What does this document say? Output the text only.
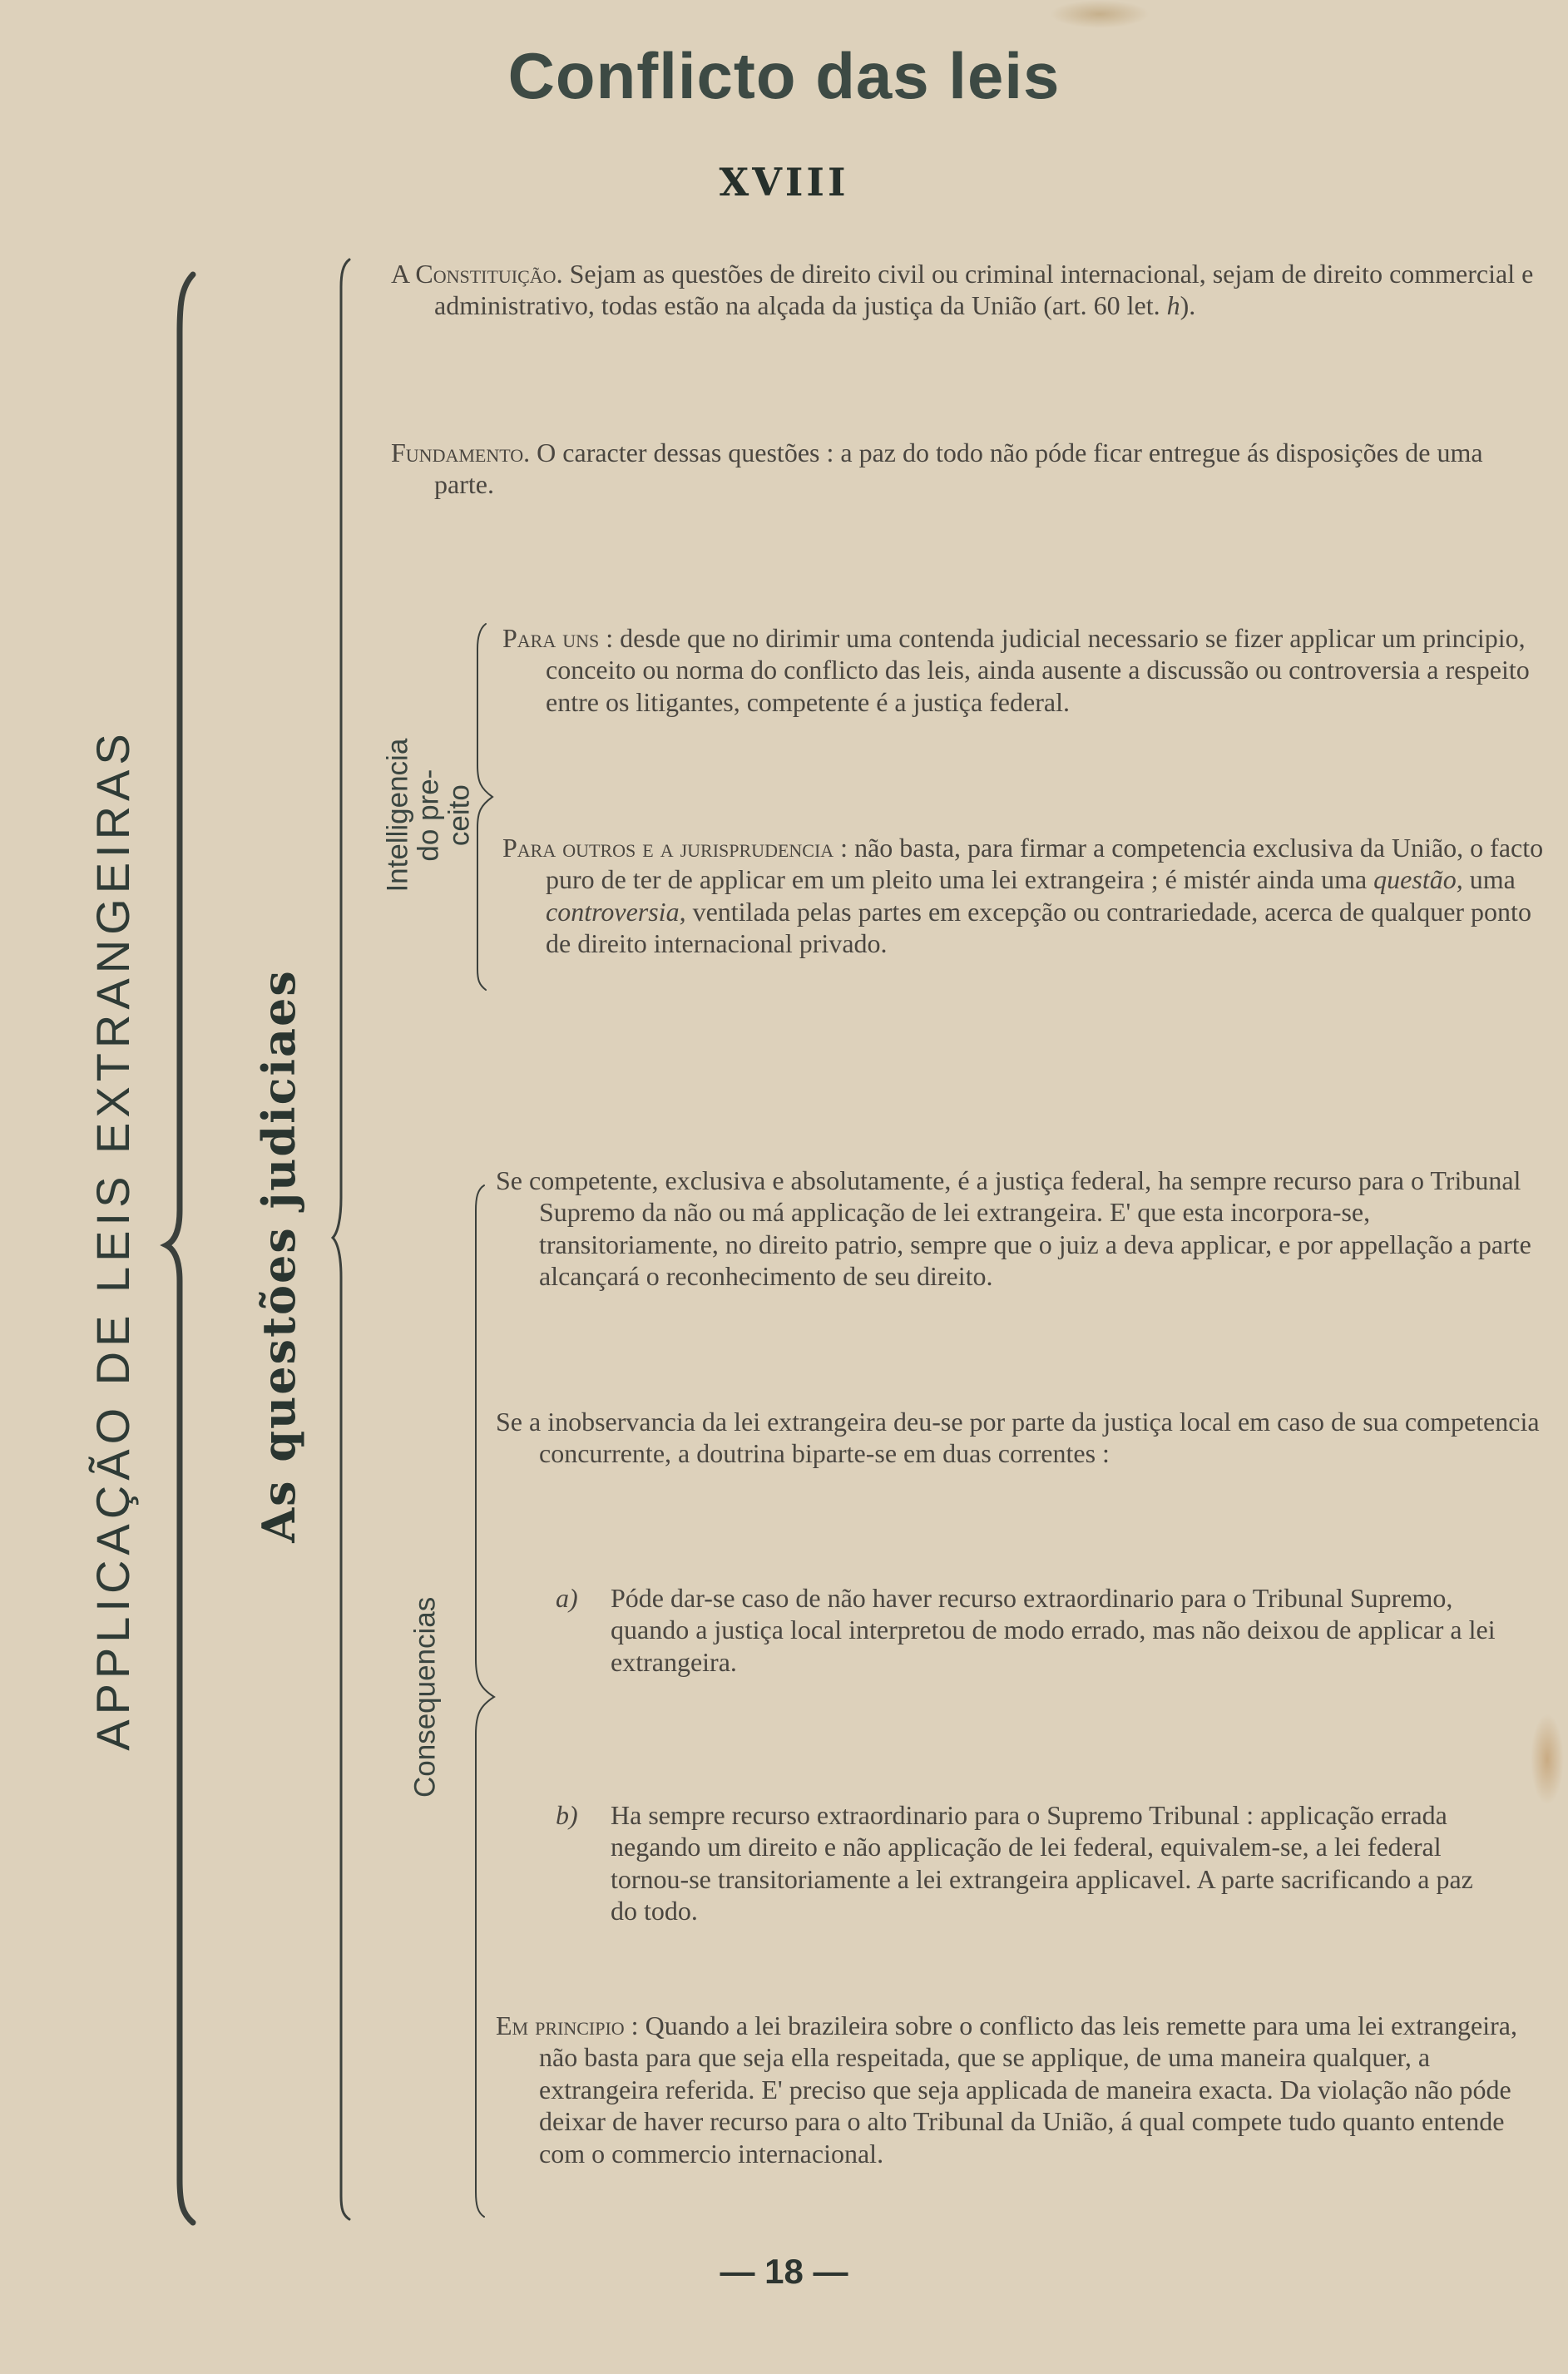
Conflicto das leis
XVIII
APPLICAÇÃO DE LEIS EXTRANGEIRAS	As questões judiciaes
Intelligencia do pre- ceito
Consequencias
A Constituição. Sejam as questões de direito civil ou criminal internacional, sejam de direito commercial e administrativo, todas estão na alçada da justiça da União (art. 60 let. h).
Fundamento. O caracter dessas questões : a paz do todo não póde ficar entregue ás disposições de uma parte.
Para uns : desde que no dirimir uma contenda judicial necessario se fizer applicar um principio, conceito ou norma do conflicto das leis, ainda ausente a discussão ou controversia a respeito entre os litigantes, competente é a justiça federal.
Para outros e a jurisprudencia : não basta, para firmar a competencia exclusiva da União, o facto puro de ter de applicar em um pleito uma lei extrangeira ; é mistér ainda uma questão, uma controversia, ventilada pelas partes em excepção ou contrariedade, acerca de qualquer ponto de direito internacional privado.
Se competente, exclusiva e absolutamente, é a justiça federal, ha sempre recurso para o Tribunal Supremo da não ou má applicação de lei extrangeira. E' que esta incorpora-se, transitoriamente, no direito patrio, sempre que o juiz a deva applicar, e por appellação a parte alcançará o reconhecimento de seu direito.
Se a inobservancia da lei extrangeira deu-se por parte da justiça local em caso de sua competencia concurrente, a doutrina biparte-se em duas correntes :
a)	Póde dar-se caso de não haver recurso extraordinario para o Tribunal Supremo, quando a justiça local interpretou de modo errado, mas não deixou de applicar a lei extrangeira.
b)	Ha sempre recurso extraordinario para o Supremo Tribunal : applicação errada negando um direito e não applicação de lei federal, equivalem-se, a lei federal tornou-se transitoriamente a lei extrangeira applicavel. A parte sacrificando a paz do todo.
Em principio : Quando a lei brazileira sobre o conflicto das leis remette para uma lei extrangeira, não basta para que seja ella respeitada, que se applique, de uma maneira qualquer, a extrangeira referida. E' preciso que seja applicada de maneira exacta. Da violação não póde deixar de haver recurso para o alto Tribunal da União, á qual compete tudo quanto entende com o commercio internacional.
— 18 —
